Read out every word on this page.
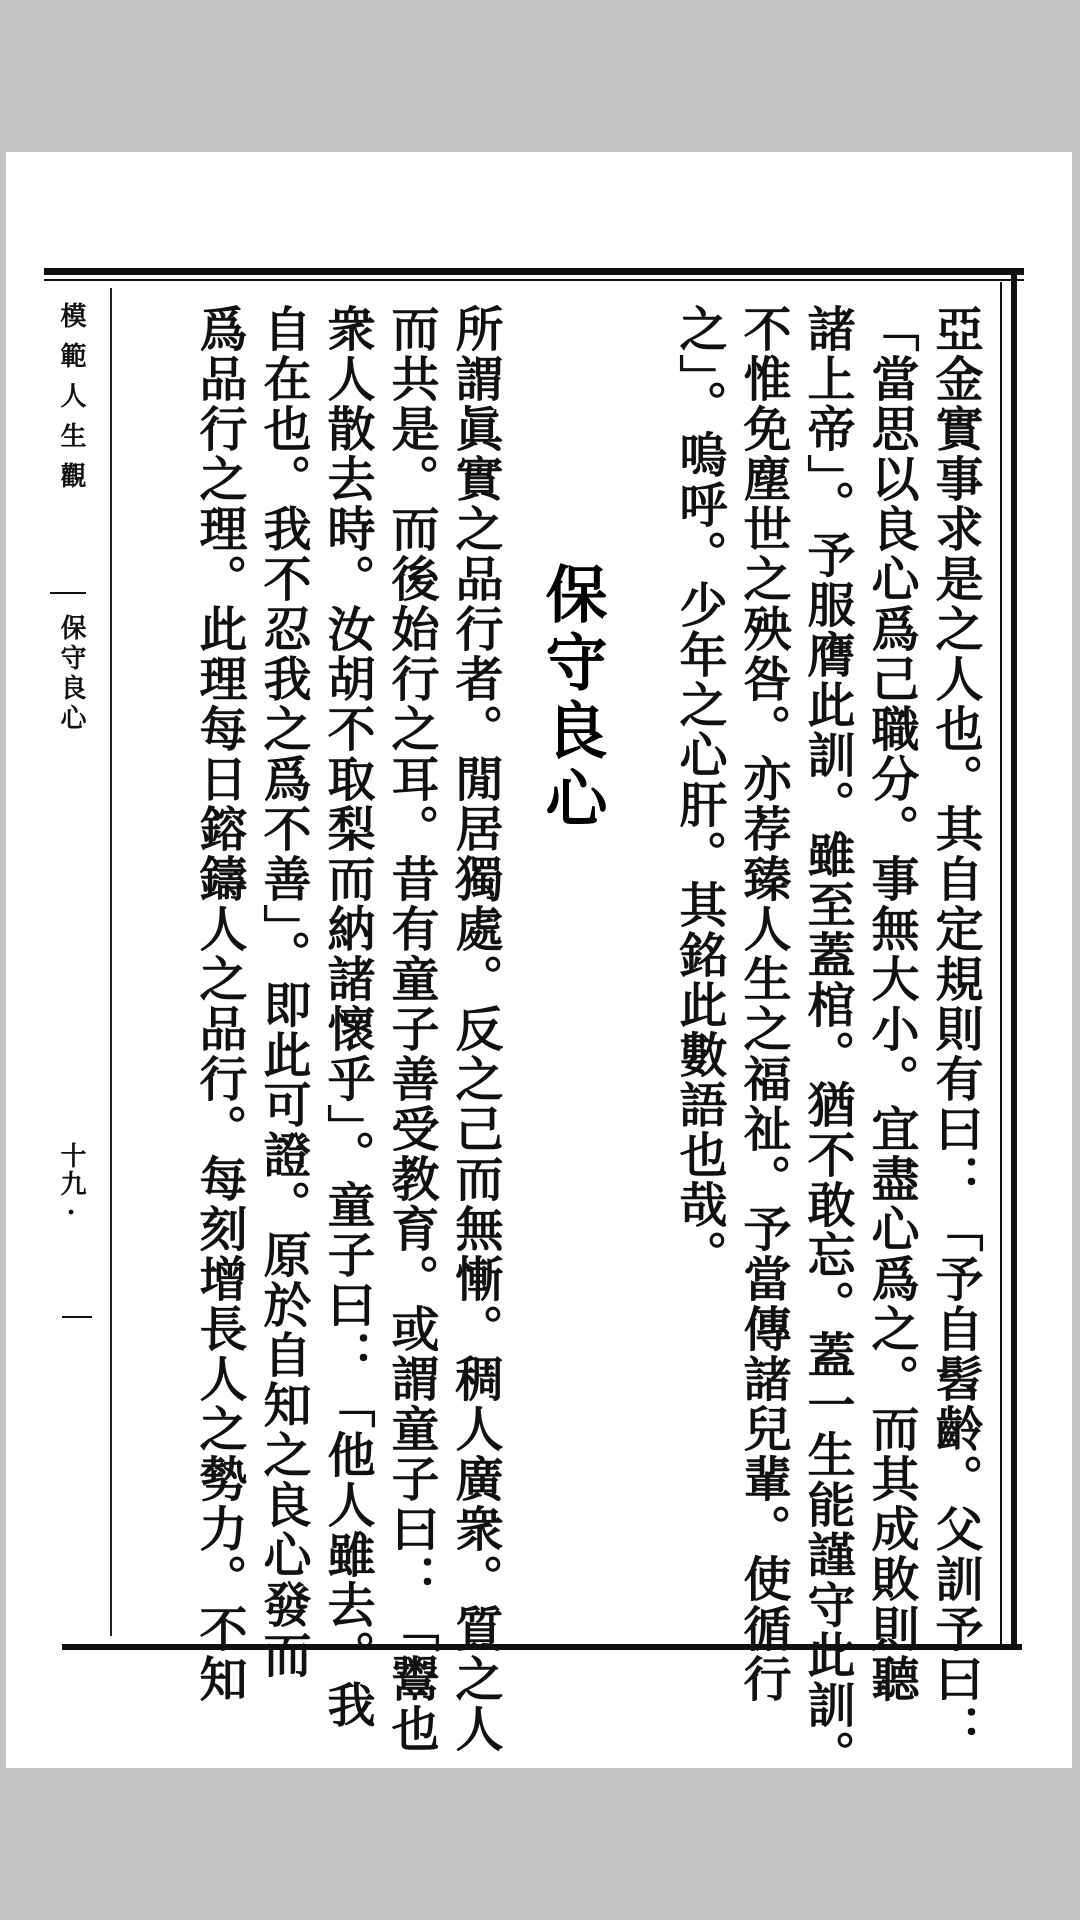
亞金實事求是之人也。其自定規則有曰：「予自髫齡。父訓予曰：
「當思以良心爲己職分。事無大小。宜盡心爲之。而其成敗則聽
諸上帝」。予服膺此訓。雖至蓋棺。猶不敢忘。蓋一生能謹守此訓。
不惟免塵世之殃咎。亦荐臻人生之福祉。予當傳諸兒輩。使循行
之」。嗚呼。少年之心肝。其銘此數語也哉。
保守良心
所謂眞實之品行者。閒居獨處。反之己而無慚。稠人廣衆。質之人
而共是。而後始行之耳。昔有童子善受教育。或謂童子曰：「鬻也
衆人散去時。汝胡不取梨而納諸懷乎」。童子曰：「他人雖去。我
自在也。我不忍我之爲不善」。即此可證。原於自知之良心發而
爲品行之理。此理每日鎔鑄人之品行。每刻增長人之勢力。不知
模範人生觀
保守良心
十九·
